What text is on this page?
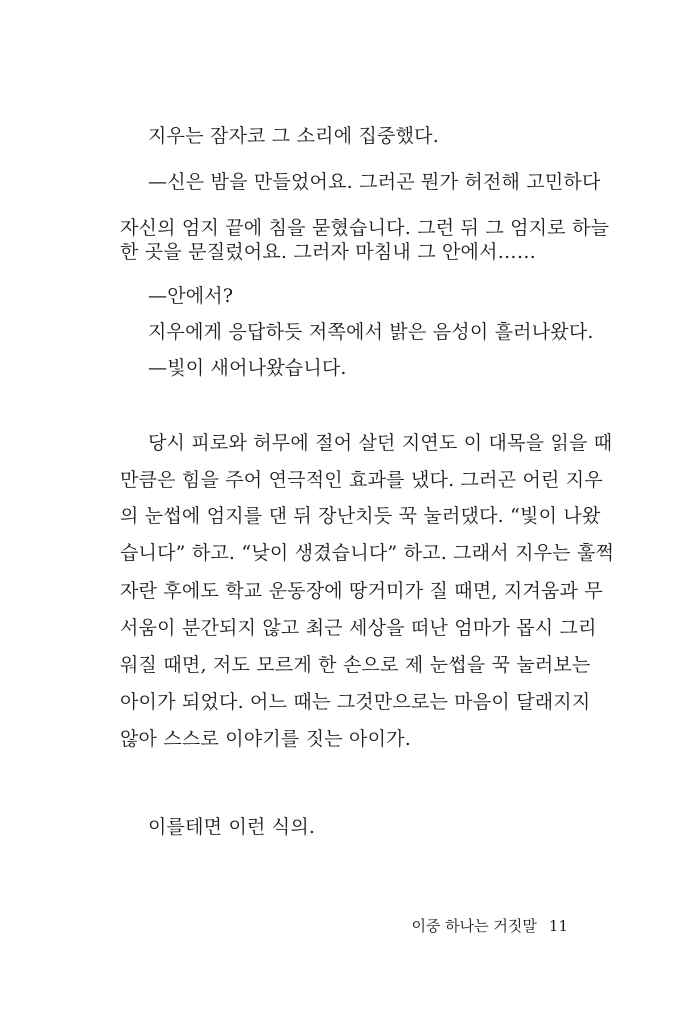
지우는 잠자코 그 소리에 집중했다.
—신은 밤을 만들었어요. 그러곤 뭔가 허전해 고민하다
자신의 엄지 끝에 침을 묻혔습니다. 그런 뒤 그 엄지로 하늘
한 곳을 문질렀어요. 그러자 마침내 그 안에서……
—안에서?
지우에게 응답하듯 저쪽에서 밝은 음성이 흘러나왔다.
—빛이 새어나왔습니다.
당시 피로와 허무에 절어 살던 지연도 이 대목을 읽을 때
만큼은 힘을 주어 연극적인 효과를 냈다. 그러곤 어린 지우
의 눈썹에 엄지를 댄 뒤 장난치듯 꾹 눌러댔다. “빛이 나왔
습니다” 하고. “낮이 생겼습니다” 하고. 그래서 지우는 훌쩍
자란 후에도 학교 운동장에 땅거미가 질 때면, 지겨움과 무
서움이 분간되지 않고 최근 세상을 떠난 엄마가 몹시 그리
워질 때면, 저도 모르게 한 손으로 제 눈썹을 꾹 눌러보는
아이가 되었다. 어느 때는 그것만으로는 마음이 달래지지
않아 스스로 이야기를 짓는 아이가.
이를테면 이런 식의.
이중 하나는 거짓말 11
